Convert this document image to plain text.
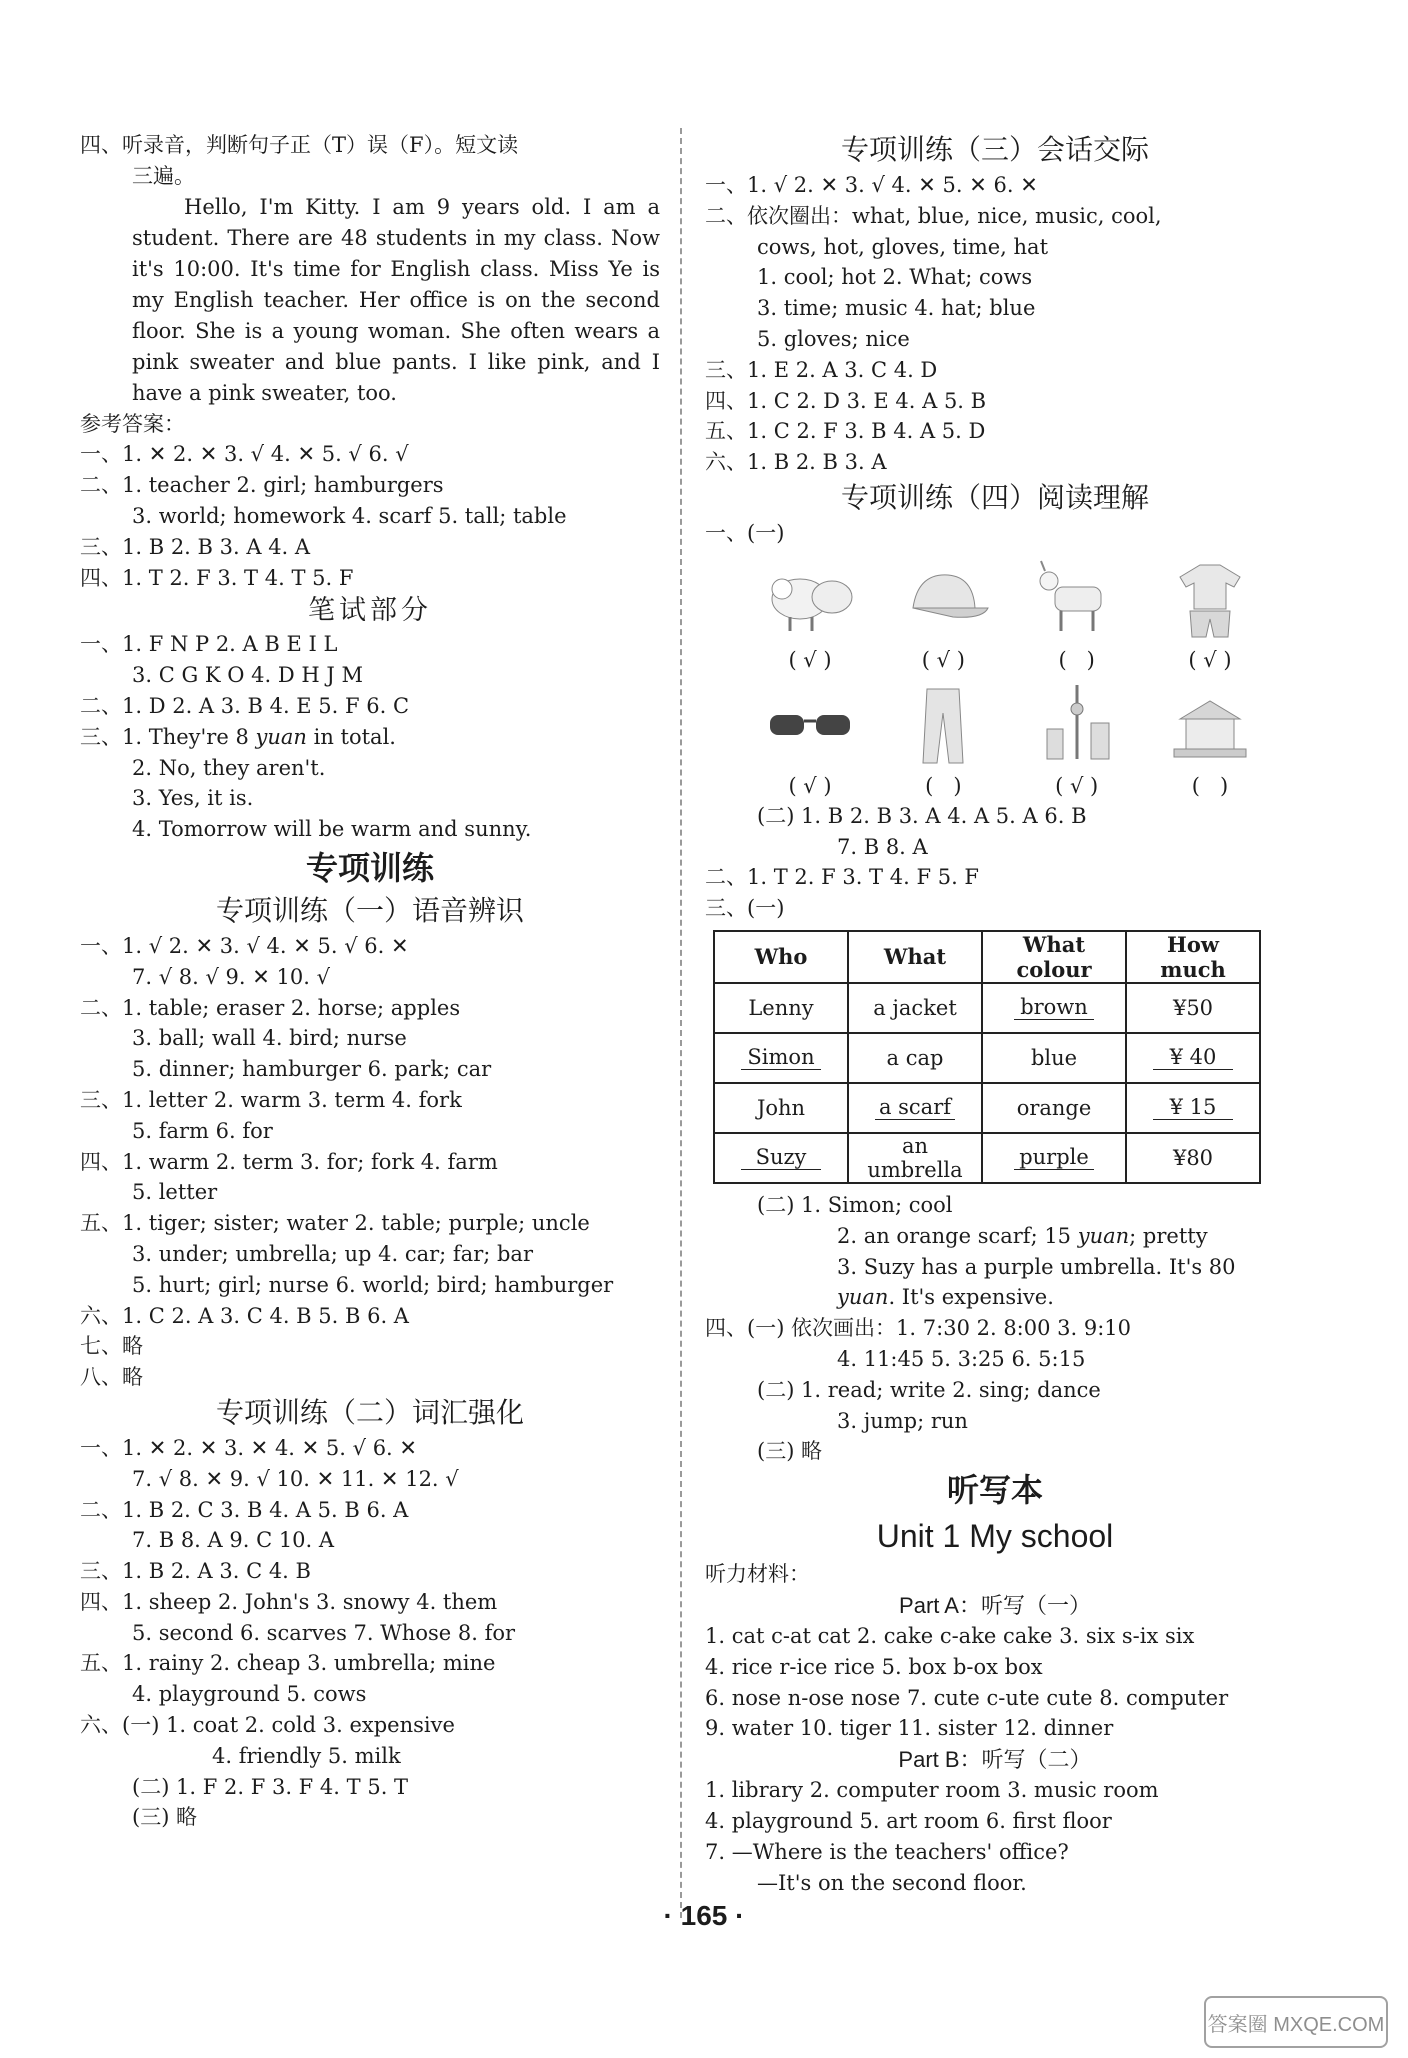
四、听录音，判断句子正（T）误（F）。短文读
三遍。
Hello, I'm Kitty. I am 9 years old. I am a student. There are 48 students in my class. Now it's 10:00. It's time for English class. Miss Ye is my English teacher. Her office is on the second floor. She is a young woman. She often wears a pink sweater and blue pants. I like pink, and I have a pink sweater, too.
参考答案：
一、1. ✕ 2. ✕ 3. √ 4. ✕ 5. √ 6. √
二、1. teacher 2. girl; hamburgers
3. world; homework 4. scarf 5. tall; table
三、1. B 2. B 3. A 4. A
四、1. T 2. F 3. T 4. T 5. F
笔试部分
一、1. F N P 2. A B E I L
3. C G K O 4. D H J M
二、1. D 2. A 3. B 4. E 5. F 6. C
三、1. They're 8 yuan in total.
2. No, they aren't.
3. Yes, it is.
4. Tomorrow will be warm and sunny.
专项训练
专项训练（一）语音辨识
一、1. √ 2. ✕ 3. √ 4. ✕ 5. √ 6. ✕
7. √ 8. √ 9. ✕ 10. √
二、1. table; eraser 2. horse; apples
3. ball; wall 4. bird; nurse
5. dinner; hamburger 6. park; car
三、1. letter 2. warm 3. term 4. fork
5. farm 6. for
四、1. warm 2. term 3. for; fork 4. farm
5. letter
五、1. tiger; sister; water 2. table; purple; uncle
3. under; umbrella; up 4. car; far; bar
5. hurt; girl; nurse 6. world; bird; hamburger
六、1. C 2. A 3. C 4. B 5. B 6. A
七、略
八、略
专项训练（二）词汇强化
一、1. ✕ 2. ✕ 3. ✕ 4. ✕ 5. √ 6. ✕
7. √ 8. ✕ 9. √ 10. ✕ 11. ✕ 12. √
二、1. B 2. C 3. B 4. A 5. B 6. A
7. B 8. A 9. C 10. A
三、1. B 2. A 3. C 4. B
四、1. sheep 2. John's 3. snowy 4. them
5. second 6. scarves 7. Whose 8. for
五、1. rainy 2. cheap 3. umbrella; mine
4. playground 5. cows
六、(一) 1. coat 2. cold 3. expensive
4. friendly 5. milk
(二) 1. F 2. F 3. F 4. T 5. T
(三) 略
专项训练（三）会话交际
一、1. √ 2. ✕ 3. √ 4. ✕ 5. ✕ 6. ✕
二、依次圈出：what, blue, nice, music, cool,
cows, hot, gloves, time, hat
1. cool; hot 2. What; cows
3. time; music 4. hat; blue
5. gloves; nice
三、1. E 2. A 3. C 4. D
四、1. C 2. D 3. E 4. A 5. B
五、1. C 2. F 3. B 4. A 5. D
六、1. B 2. B 3. A
专项训练（四）阅读理解
一、(一)
( √ )	( √ )	(   )	( √ )
( √ )	(   )	( √ )	(   )
(二) 1. B 2. B 3. A 4. A 5. A 6. B
7. B 8. A
二、1. T 2. F 3. T 4. F 5. F
三、(一)
Who	What	What colour	How much
Lenny	a jacket	brown	¥50
Simon	a cap	blue	¥ 40
John	a scarf	orange	¥ 15
Suzy	an umbrella	purple	¥80
(二) 1. Simon; cool
2. an orange scarf; 15 yuan; pretty
3. Suzy has a purple umbrella. It's 80
yuan. It's expensive.
四、(一) 依次画出：1. 7:30 2. 8:00 3. 9:10
4. 11:45 5. 3:25 6. 5:15
(二) 1. read; write 2. sing; dance
3. jump; run
(三) 略
听写本
Unit 1 My school
听力材料：
Part A：听写（一）
1. cat c-at cat 2. cake c-ake cake 3. six s-ix six
4. rice r-ice rice 5. box b-ox box
6. nose n-ose nose 7. cute c-ute cute 8. computer
9. water 10. tiger 11. sister 12. dinner
Part B：听写（二）
1. library 2. computer room 3. music room
4. playground 5. art room 6. first floor
7. —Where is the teachers' office?
—It's on the second floor.
· 165 ·
答案圈 MXQE.COM
